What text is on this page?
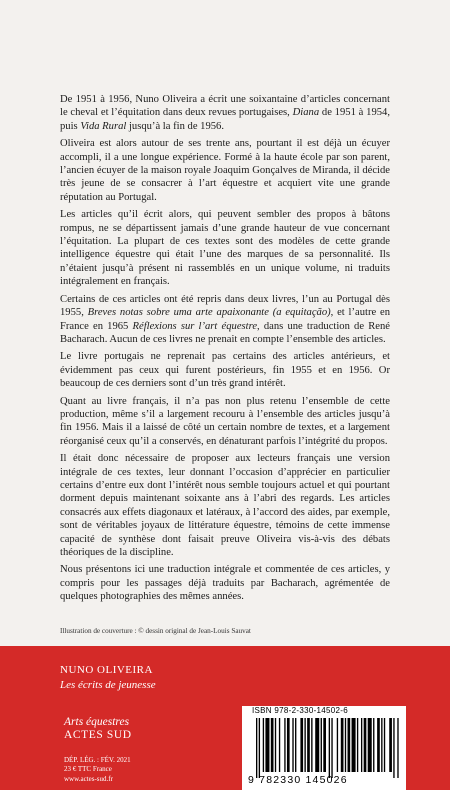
De 1951 à 1956, Nuno Oliveira a écrit une soixantaine d’articles concernant le cheval et l’équitation dans deux revues portugaises, Diana de 1951 à 1954, puis Vida Rural jusqu’à la fin de 1956.

Oliveira est alors autour de ses trente ans, pourtant il est déjà un écuyer accompli, il a une longue expérience. Formé à la haute école par son parent, l’ancien écuyer de la maison royale Joaquim Gonçalves de Miranda, il décide très jeune de se consacrer à l’art équestre et acquiert vite une grande réputation au Portugal.

Les articles qu’il écrit alors, qui peuvent sembler des propos à bâtons rompus, ne se départissent jamais d’une grande hauteur de vue concernant l’équitation. La plupart de ces textes sont des modèles de cette grande intelligence équestre qui était l’une des marques de sa personnalité. Ils n’étaient jusqu’à présent ni rassemblés en un unique volume, ni traduits intégralement en français.

Certains de ces articles ont été repris dans deux livres, l’un au Portugal dès 1955, Breves notas sobre uma arte apaixonante (a equitação), et l’autre en France en 1965 Réflexions sur l’art équestre, dans une traduction de René Bacharach. Aucun de ces livres ne prenait en compte l’ensemble des articles.

Le livre portugais ne reprenait pas certains des articles antérieurs, et évidemment pas ceux qui furent postérieurs, fin 1955 et en 1956. Or beaucoup de ces derniers sont d’un très grand intérêt.

Quant au livre français, il n’a pas non plus retenu l’ensemble de cette production, même s’il a largement recouru à l’ensemble des articles jusqu’à fin 1956. Mais il a laissé de côté un certain nombre de textes, et a largement réorganisé ceux qu’il a conservés, en dénaturant parfois l’intégrité du propos.

Il était donc nécessaire de proposer aux lecteurs français une version intégrale de ces textes, leur donnant l’occasion d’apprécier en particulier certains d’entre eux dont l’intérêt nous semble toujours actuel et qui pourtant dorment depuis maintenant soixante ans à l’abri des regards. Les articles consacrés aux effets diagonaux et latéraux, à l’accord des aides, par exemple, sont de véritables joyaux de littérature équestre, témoins de cette immense capacité de synthèse dont faisait preuve Oliveira vis-à-vis des débats théoriques de la discipline.

Nous présentons ici une traduction intégrale et commentée de ces articles, y compris pour les passages déjà traduits par Bacharach, agrémentée de quelques photographies des mêmes années.

Illustration de couverture : © dessin original de Jean-Louis Sauvat
NUNO OLIVEIRA
Les écrits de jeunesse
Arts équestres
ACTES SUD
DÉP. LÉG. : FÉV. 2021
23 € TTC France
www.actes-sud.fr
ISBN 978-2-330-14502-6
9 782330 145026
